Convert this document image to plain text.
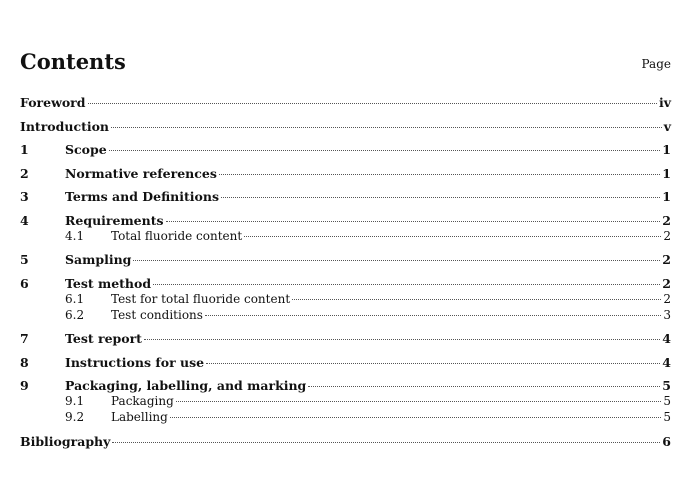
Contents	Page
Foreword	iv
Introduction	v
1	Scope	1
2	Normative references	1
3	Terms and Definitions	1
4	Requirements	2
4.1	Total fluoride content	2
5	Sampling	2
6	Test method	2
6.1	Test for total fluoride content	2
6.2	Test conditions	3
7	Test report	4
8	Instructions for use	4
9	Packaging, labelling, and marking	5
9.1	Packaging	5
9.2	Labelling	5
Bibliography	6
